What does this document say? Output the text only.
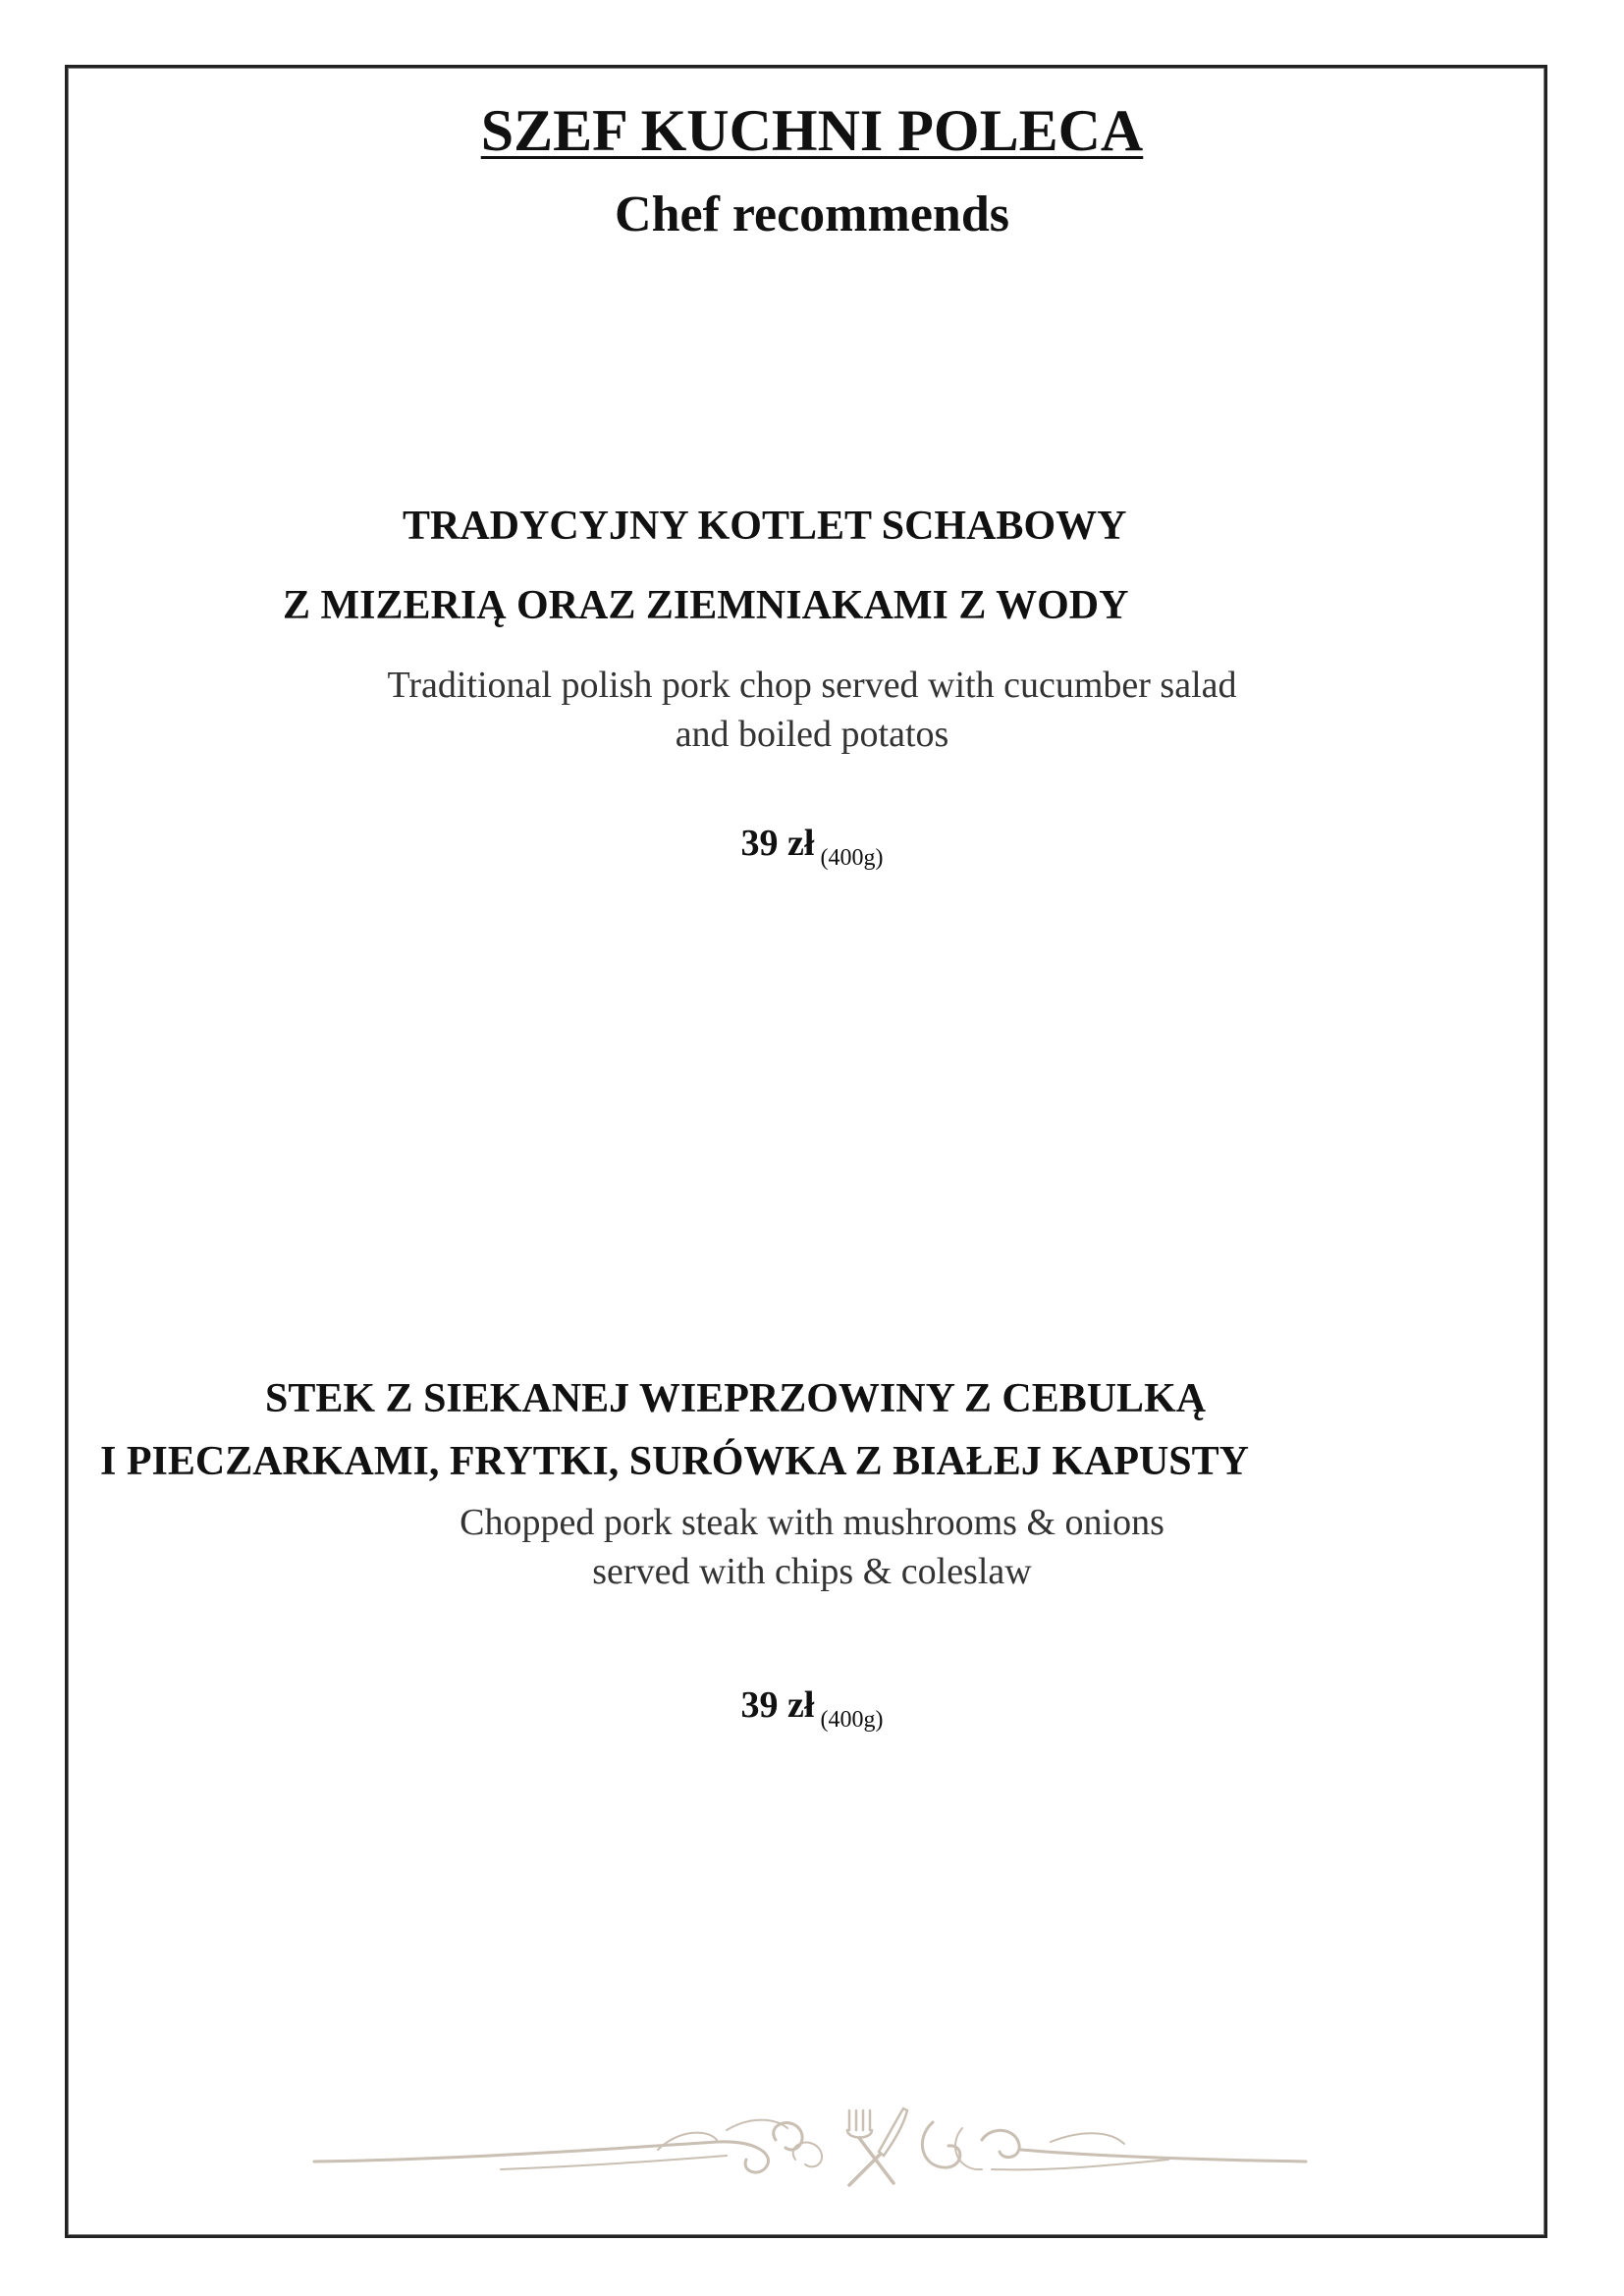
SZEF KUCHNI POLECA
Chef recommends

TRADYCYJNY KOTLET SCHABOWY

Z MIZERIĄ ORAZ ZIEMNIAKAMI Z WODY

Traditional polish pork chop served with cucumber salad
and boiled potatos

39 zł (400g)

STEK Z SIEKANEJ WIEPRZOWINY Z CEBULKĄ

I PIECZARKAMI, FRYTKI, SURÓWKA Z BIAŁEJ KAPUSTY

Chopped pork steak with mushrooms & onions
served with chips & coleslaw

39 zł (400g)
